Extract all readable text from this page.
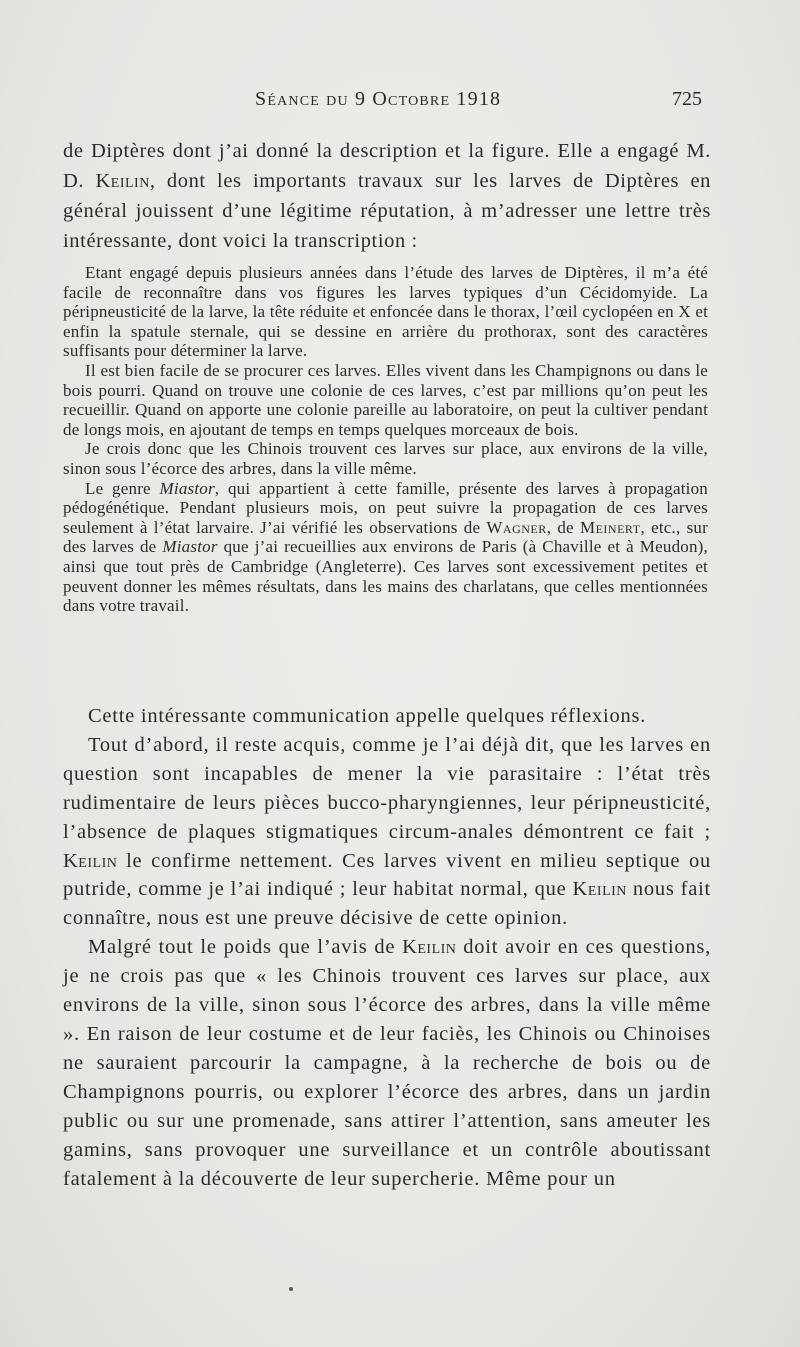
Séance du 9 Octobre 1918	725

de Diptères dont j’ai donné la description et la figure. Elle a engagé M. D. Keilin, dont les importants travaux sur les larves de Diptères en général jouissent d’une légitime réputation, à m’adresser une lettre très intéressante, dont voici la transcription :

Etant engagé depuis plusieurs années dans l’étude des larves de Diptères, il m’a été facile de reconnaître dans vos figures les larves typiques d’un Cécidomyide. La péripneusticité de la larve, la tête réduite et enfoncée dans le thorax, l’œil cyclopéen en X et enfin la spatule sternale, qui se dessine en arrière du prothorax, sont des caractères suffisants pour déterminer la larve.

Il est bien facile de se procurer ces larves. Elles vivent dans les Champignons ou dans le bois pourri. Quand on trouve une colonie de ces larves, c’est par millions qu’on peut les recueillir. Quand on apporte une colonie pareille au laboratoire, on peut la cultiver pendant de longs mois, en ajoutant de temps en temps quelques morceaux de bois.

Je crois donc que les Chinois trouvent ces larves sur place, aux environs de la ville, sinon sous l’écorce des arbres, dans la ville même.

Le genre Miastor, qui appartient à cette famille, présente des larves à propagation pédogénétique. Pendant plusieurs mois, on peut suivre la propagation de ces larves seulement à l’état larvaire. J’ai vérifié les observations de Wagner, de Meinert, etc., sur des larves de Miastor que j’ai recueillies aux environs de Paris (à Chaville et à Meudon), ainsi que tout près de Cambridge (Angleterre). Ces larves sont excessivement petites et peuvent donner les mêmes résultats, dans les mains des charlatans, que celles mentionnées dans votre travail.

Cette intéressante communication appelle quelques réflexions.

Tout d’abord, il reste acquis, comme je l’ai déjà dit, que les larves en question sont incapables de mener la vie parasitaire : l’état très rudimentaire de leurs pièces bucco-pharyngiennes, leur péripneusticité, l’absence de plaques stigmatiques circum-anales démontrent ce fait ; Keilin le confirme nettement. Ces larves vivent en milieu septique ou putride, comme je l’ai indiqué ; leur habitat normal, que Keilin nous fait connaître, nous est une preuve décisive de cette opinion.

Malgré tout le poids que l’avis de Keilin doit avoir en ces questions, je ne crois pas que « les Chinois trouvent ces larves sur place, aux environs de la ville, sinon sous l’écorce des arbres, dans la ville même ». En raison de leur costume et de leur faciès, les Chinois ou Chinoises ne sauraient parcourir la campagne, à la recherche de bois ou de Champignons pourris, ou explorer l’écorce des arbres, dans un jardin public ou sur une promenade, sans attirer l’attention, sans ameuter les gamins, sans provoquer une surveillance et un contrôle aboutissant fatalement à la découverte de leur supercherie. Même pour un
